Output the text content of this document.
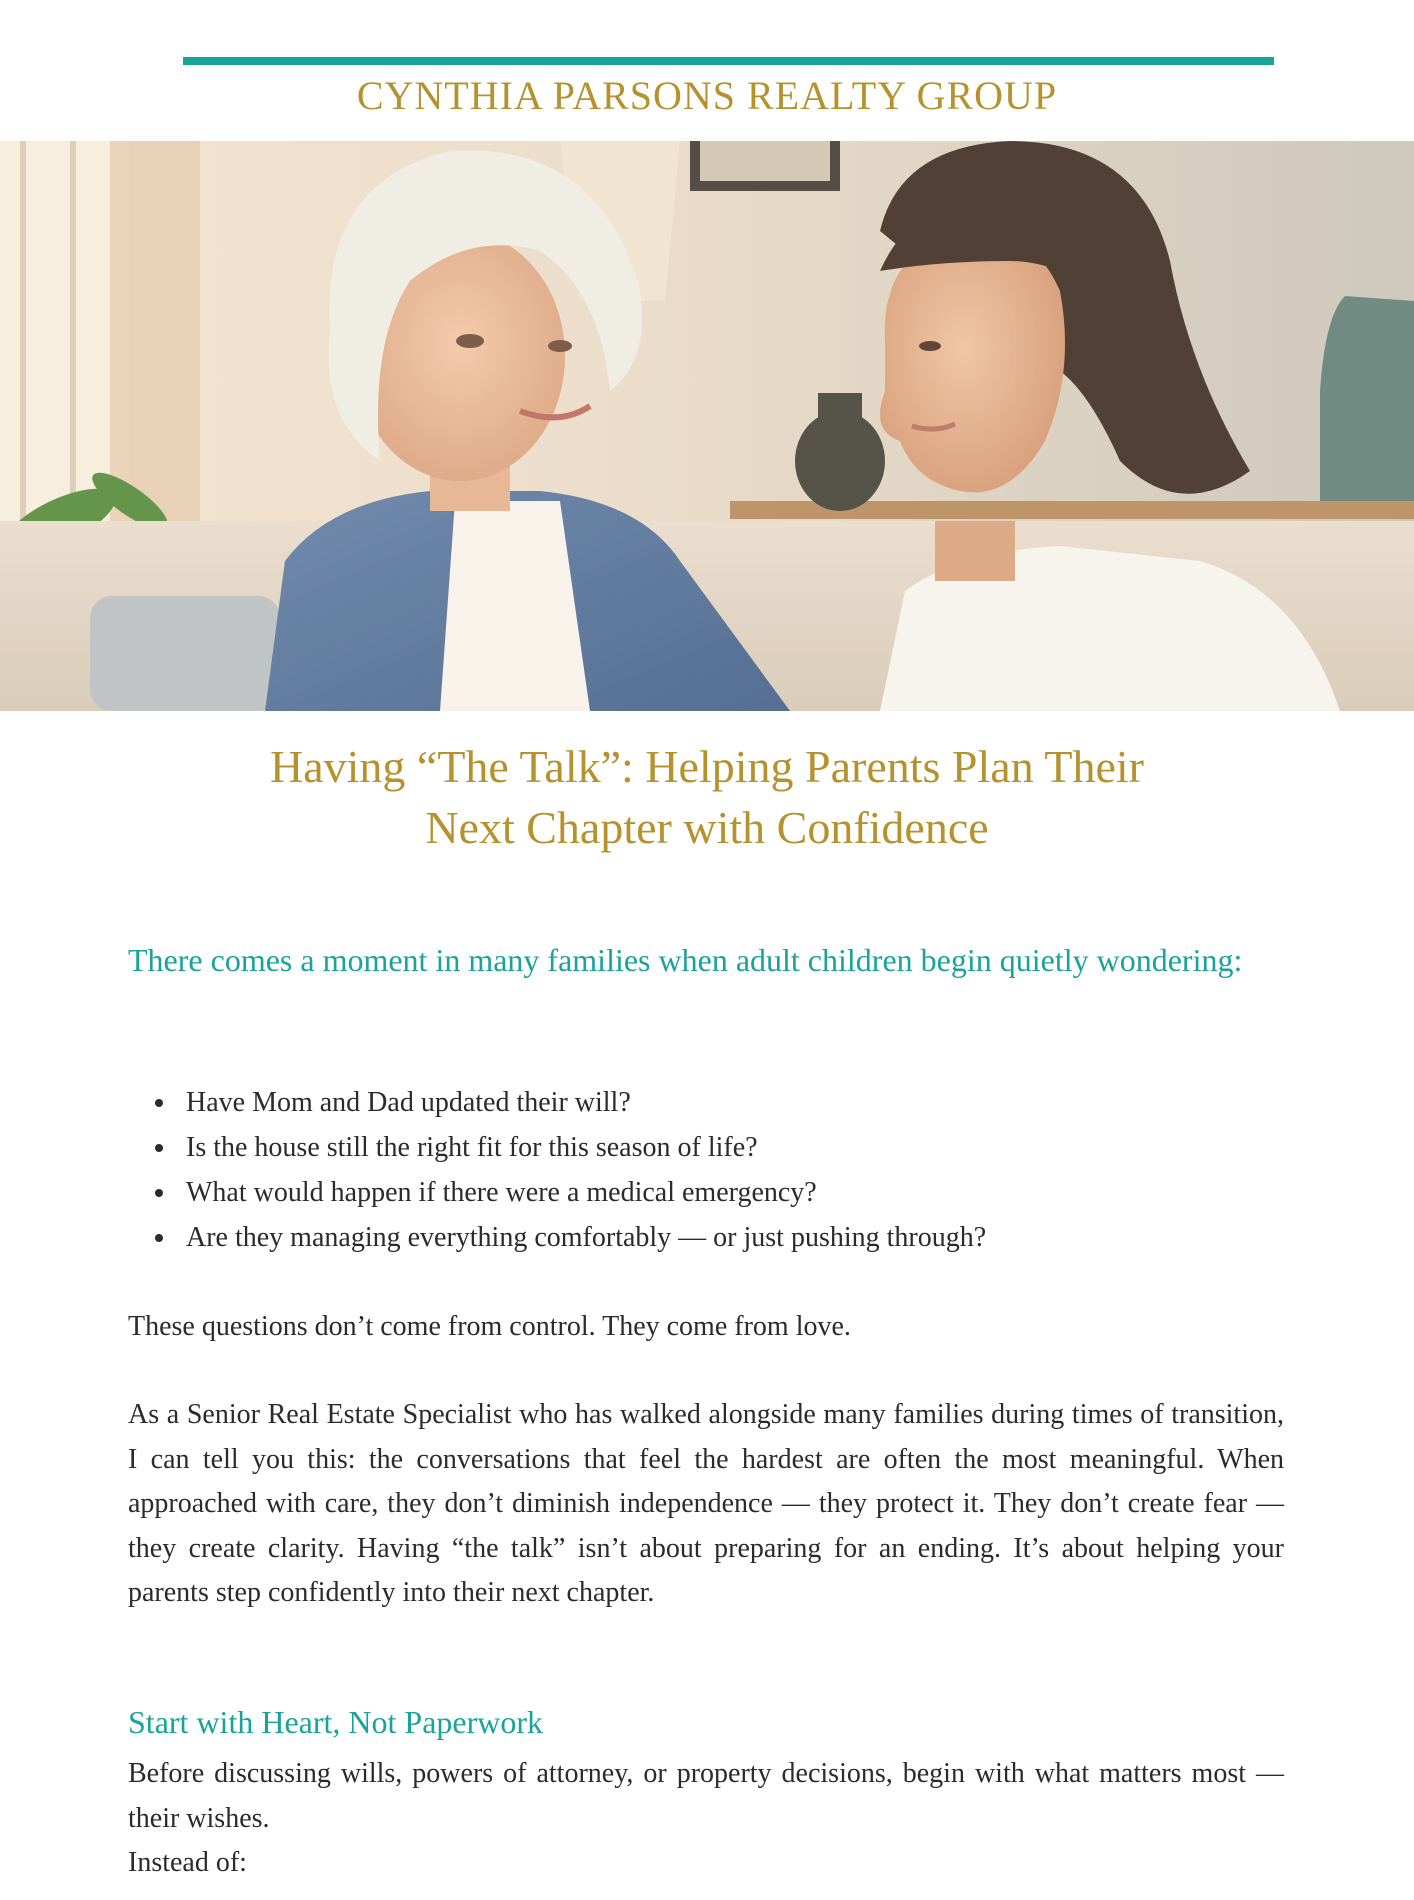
CYNTHIA PARSONS REALTY GROUP
Having “The Talk”: Helping Parents Plan Their
Next Chapter with Confidence

There comes a moment in many families when adult children begin quietly wondering:

• Have Mom and Dad updated their will?
• Is the house still the right fit for this season of life?
• What would happen if there were a medical emergency?
• Are they managing everything comfortably — or just pushing through?

These questions don’t come from control. They come from love.

As a Senior Real Estate Specialist who has walked alongside many families during times of transition, I can tell you this: the conversations that feel the hardest are often the most meaningful. When approached with care, they don’t diminish independence — they protect it. They don’t create fear — they create clarity. Having “the talk” isn’t about preparing for an ending. It’s about helping your parents step confidently into their next chapter.

Start with Heart, Not Paperwork

Before discussing wills, powers of attorney, or property decisions, begin with what matters most — their wishes.

Instead of:
